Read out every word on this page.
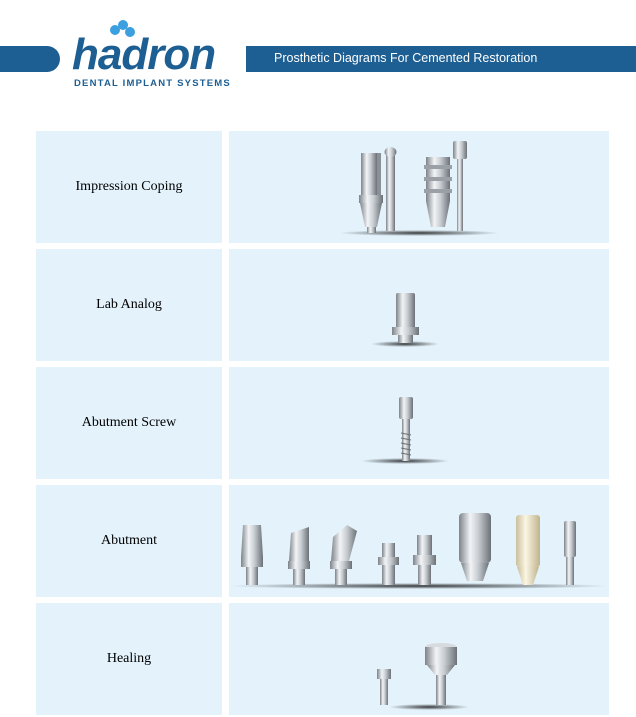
hadron
DENTAL IMPLANT SYSTEMS
Prosthetic Diagrams For Cemented Restoration
Impression Coping
Lab Analog
Abutment Screw
Abutment
Healing
